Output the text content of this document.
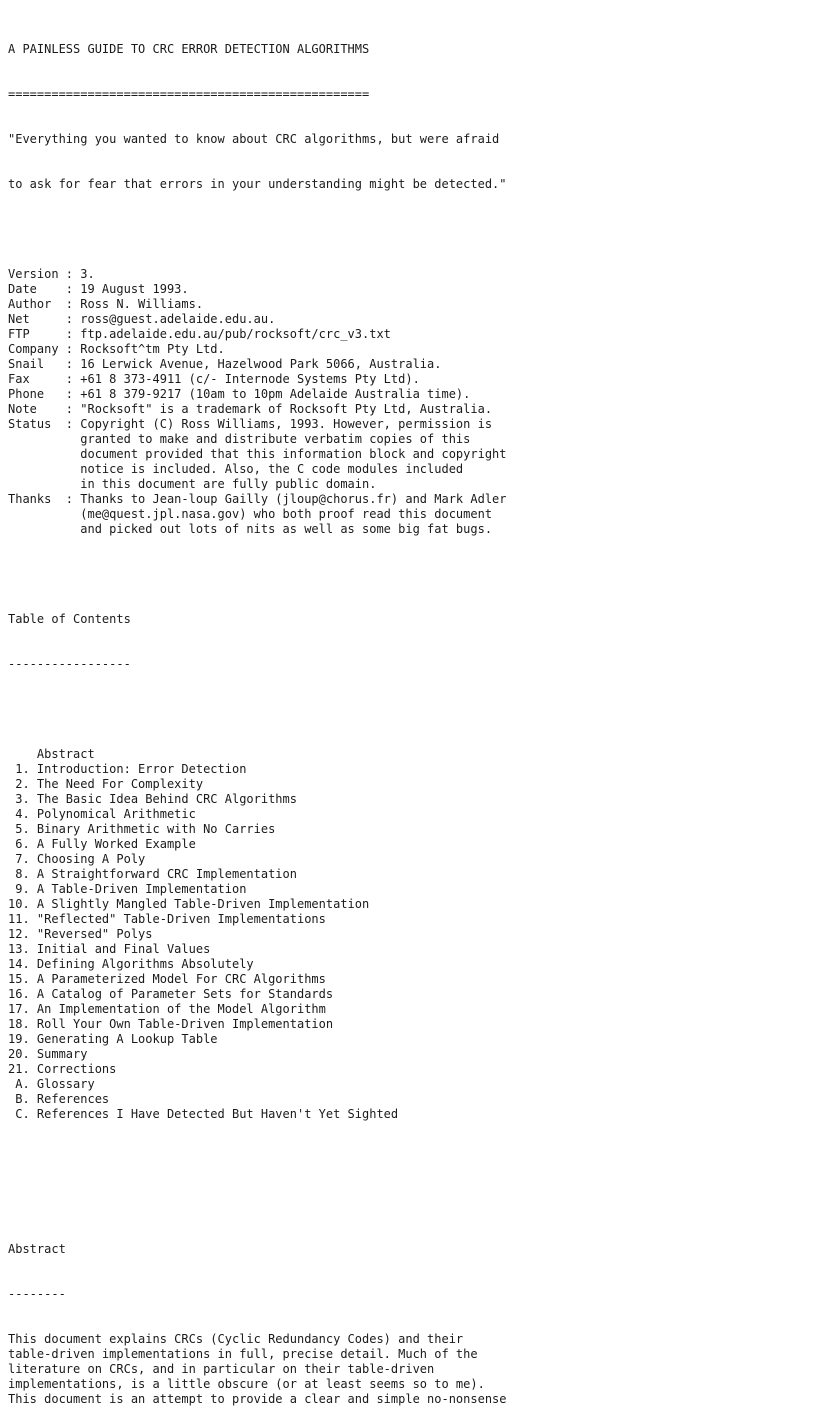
A PAINLESS GUIDE TO CRC ERROR DETECTION ALGORITHMS

==================================================

"Everything you wanted to know about CRC algorithms, but were afraid

to ask for fear that errors in your understanding might be detected."

Version : 3.
Date    : 19 August 1993.
Author  : Ross N. Williams.
Net     : ross@guest.adelaide.edu.au.
FTP     : ftp.adelaide.edu.au/pub/rocksoft/crc_v3.txt
Company : Rocksoft^tm Pty Ltd.
Snail   : 16 Lerwick Avenue, Hazelwood Park 5066, Australia.
Fax     : +61 8 373-4911 (c/- Internode Systems Pty Ltd).
Phone   : +61 8 379-9217 (10am to 10pm Adelaide Australia time).
Note    : "Rocksoft" is a trademark of Rocksoft Pty Ltd, Australia.
Status  : Copyright (C) Ross Williams, 1993. However, permission is
granted to make and distribute verbatim copies of this
document provided that this information block and copyright
notice is included. Also, the C code modules included
in this document are fully public domain.
Thanks  : Thanks to Jean-loup Gailly (jloup@chorus.fr) and Mark Adler
(me@quest.jpl.nasa.gov) who both proof read this document
and picked out lots of nits as well as some big fat bugs.

Table of Contents

-----------------

Abstract
1. Introduction: Error Detection
2. The Need For Complexity
3. The Basic Idea Behind CRC Algorithms
4. Polynomical Arithmetic
5. Binary Arithmetic with No Carries
6. A Fully Worked Example
7. Choosing A Poly
8. A Straightforward CRC Implementation
9. A Table-Driven Implementation
10. A Slightly Mangled Table-Driven Implementation
11. "Reflected" Table-Driven Implementations
12. "Reversed" Polys
13. Initial and Final Values
14. Defining Algorithms Absolutely
15. A Parameterized Model For CRC Algorithms
16. A Catalog of Parameter Sets for Standards
17. An Implementation of the Model Algorithm
18. Roll Your Own Table-Driven Implementation
19. Generating A Lookup Table
20. Summary
21. Corrections
A. Glossary
B. References
C. References I Have Detected But Haven't Yet Sighted

Abstract

--------

This document explains CRCs (Cyclic Redundancy Codes) and their
table-driven implementations in full, precise detail. Much of the
literature on CRCs, and in particular on their table-driven
implementations, is a little obscure (or at least seems so to me).
This document is an attempt to provide a clear and simple no-nonsense
